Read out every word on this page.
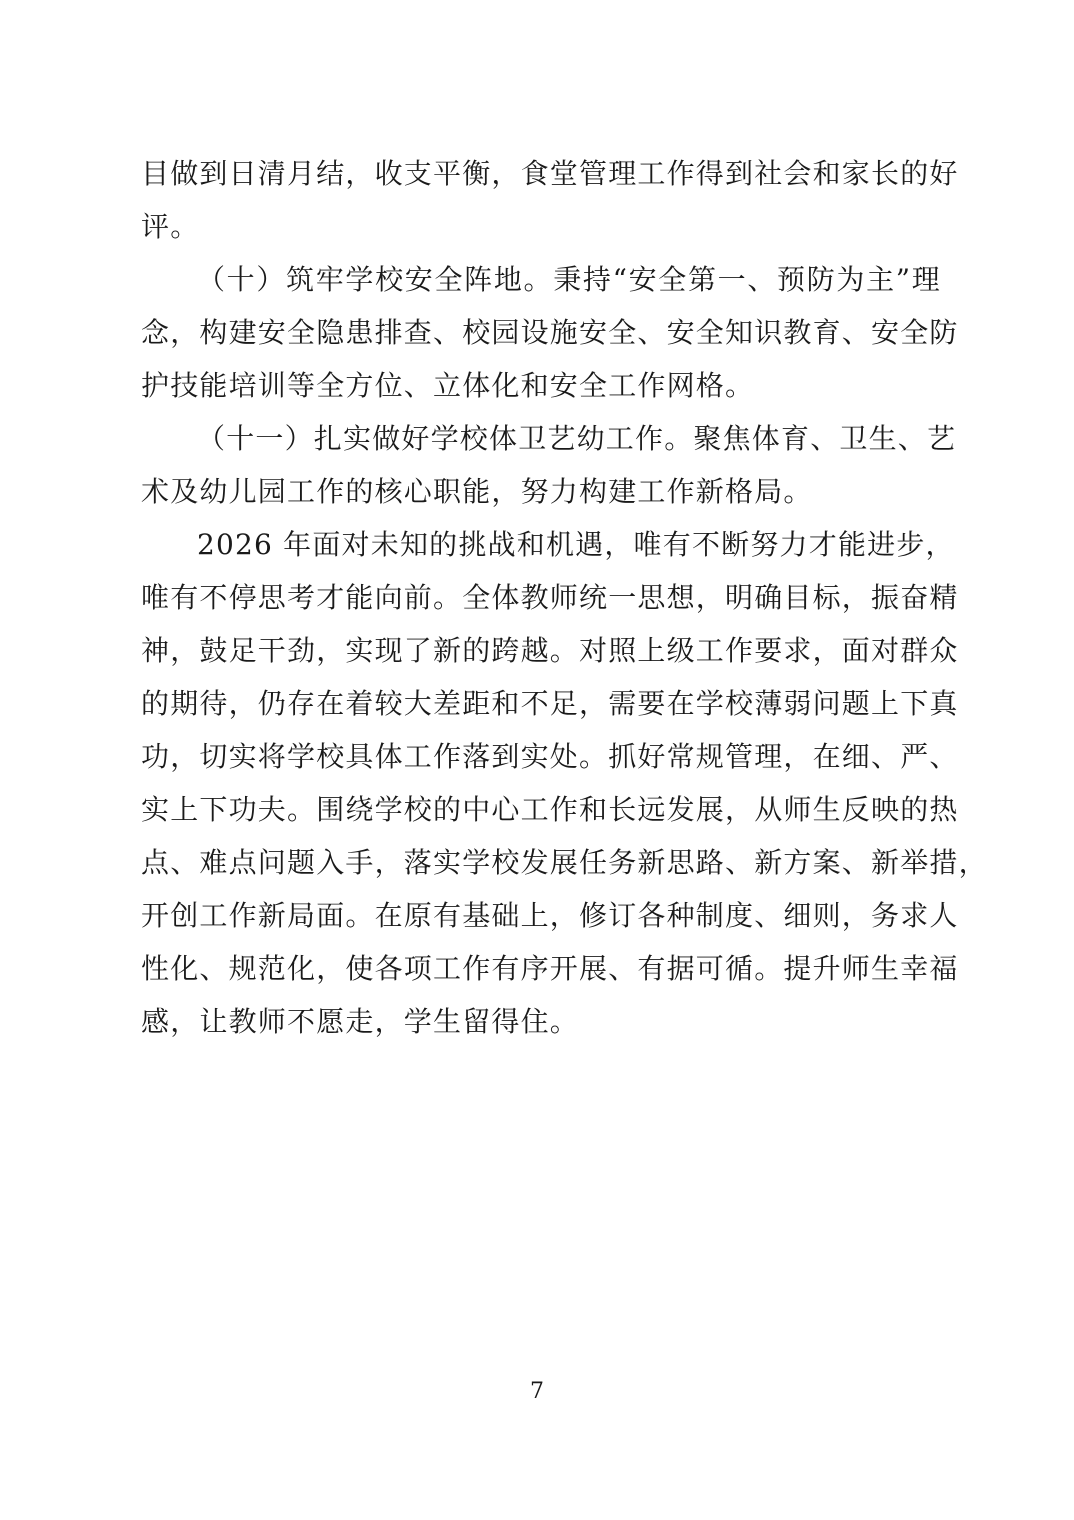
目做到日清月结，收支平衡，食堂管理工作得到社会和家长的好
评。
（十）筑牢学校安全阵地。秉持“安全第一、预防为主”理
念，构建安全隐患排查、校园设施安全、安全知识教育、安全防
护技能培训等全方位、立体化和安全工作网格。
（十一）扎实做好学校体卫艺幼工作。聚焦体育、卫生、艺
术及幼儿园工作的核心职能，努力构建工作新格局。
2026 年面对未知的挑战和机遇，唯有不断努力才能进步，
唯有不停思考才能向前。全体教师统一思想，明确目标，振奋精
神，鼓足干劲，实现了新的跨越。对照上级工作要求，面对群众
的期待，仍存在着较大差距和不足，需要在学校薄弱问题上下真
功，切实将学校具体工作落到实处。抓好常规管理，在细、严、
实上下功夫。围绕学校的中心工作和长远发展，从师生反映的热
点、难点问题入手，落实学校发展任务新思路、新方案、新举措，
开创工作新局面。在原有基础上，修订各种制度、细则，务求人
性化、规范化，使各项工作有序开展、有据可循。提升师生幸福
感，让教师不愿走，学生留得住。
7
